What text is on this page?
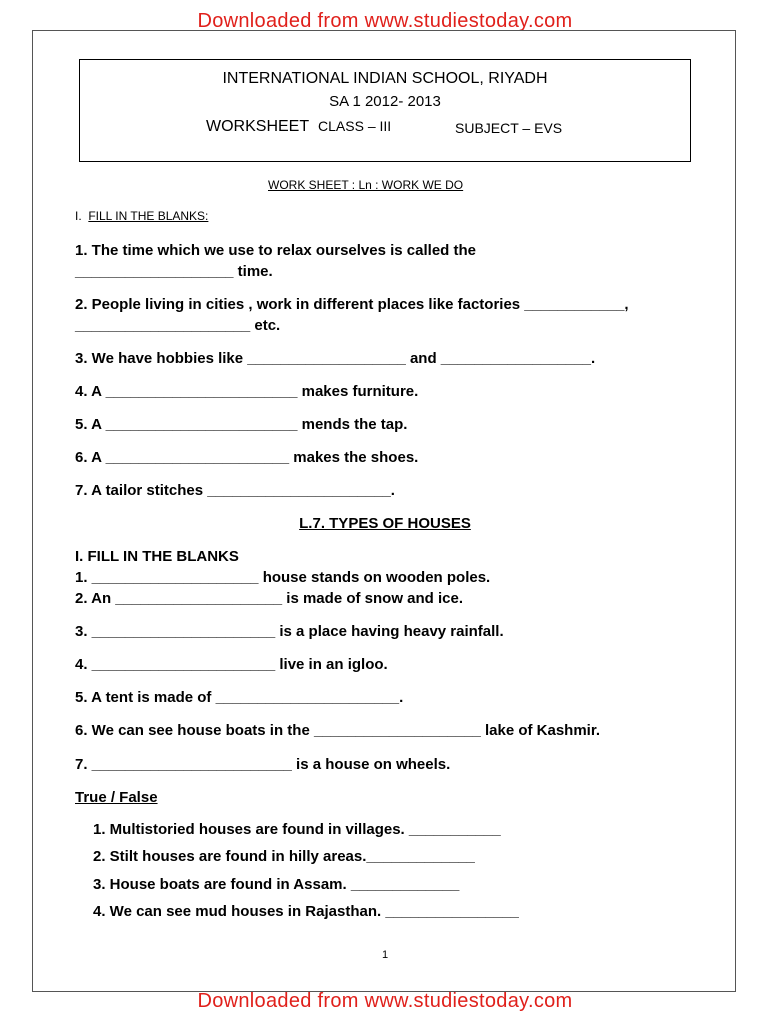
Downloaded from www.studiestoday.com
INTERNATIONAL INDIAN SCHOOL, RIYADH
SA 1 2012- 2013
WORKSHEET CLASS – III	SUBJECT – EVS
WORK SHEET : Ln : WORK WE DO
I. FILL IN THE BLANKS:
1. The time which we use to relax ourselves is called the
___________________ time.
2. People living in cities , work in different places like factories ____________,
_____________________ etc.
3. We have hobbies like ___________________ and __________________.
4. A _______________________ makes furniture.
5. A _______________________ mends the tap.
6. A ______________________ makes the shoes.
7. A tailor stitches ______________________.
L.7. TYPES OF HOUSES
I. FILL IN THE BLANKS
1. ____________________ house stands on wooden poles.
2. An ____________________ is made of snow and ice.
3. ______________________ is a place having heavy rainfall.
4. ______________________ live in an igloo.
5. A tent is made of ______________________.
6. We can see house boats in the ____________________ lake of Kashmir.
7. ________________________ is a house on wheels.
True / False
1. Multistoried houses are found in villages. ___________
2. Stilt houses are found in hilly areas._____________
3. House boats are found in Assam. _____________
4. We can see mud houses in Rajasthan. ________________
1
Downloaded from www.studiestoday.com
